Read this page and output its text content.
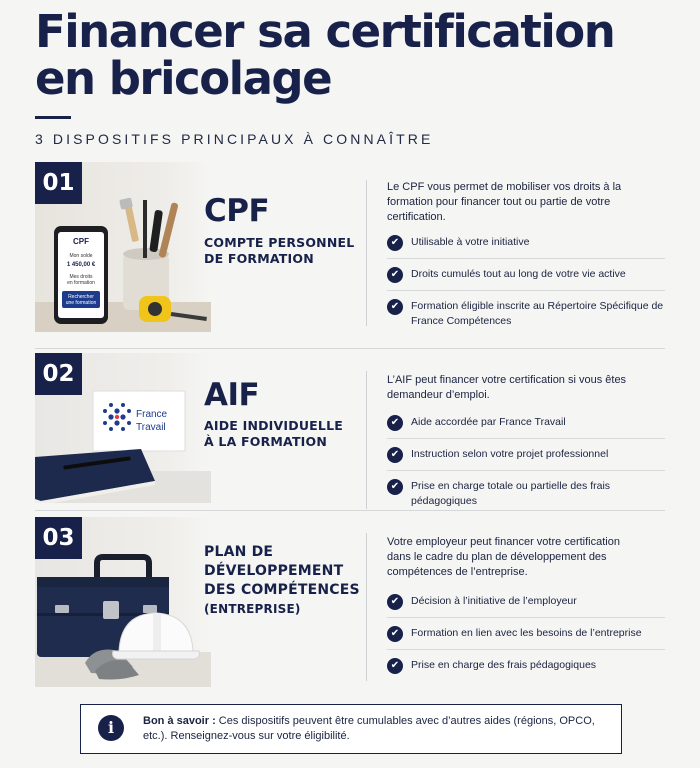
Financer sa certification
en bricolage
3 DISPOSITIFS PRINCIPAUX À CONNAÎTRE
CPF
Mon solde
1 450,00 €
Mes droits
en formation
Rechercher
une formation
01
CPF
COMPTE PERSONNEL
DE FORMATION
Le CPF vous permet de mobiliser vos droits à la formation pour financer tout ou partie de votre certification.
✔	Utilisable à votre initiative
✔	Droits cumulés tout au long de votre vie active
✔	Formation éligible inscrite au Répertoire Spécifique de France Compétences
France
Travail
02
AIF
AIDE INDIVIDUELLE
À LA FORMATION
L’AIF peut financer votre certification si vous êtes demandeur d’emploi.
✔	Aide accordée par France Travail
✔	Instruction selon votre projet professionnel
✔	Prise en charge totale ou partielle des frais pédagogiques
03
PLAN DE
DÉVELOPPEMENT
DES COMPÉTENCES
(ENTREPRISE)
Votre employeur peut financer votre certification dans le cadre du plan de développement des compétences de l’entreprise.
✔	Décision à l’initiative de l’employeur
✔	Formation en lien avec les besoins de l’entreprise
✔	Prise en charge des frais pédagogiques
i	Bon à savoir : Ces dispositifs peuvent être cumulables avec d’autres aides (régions, OPCO, etc.). Renseignez-vous sur votre éligibilité.
